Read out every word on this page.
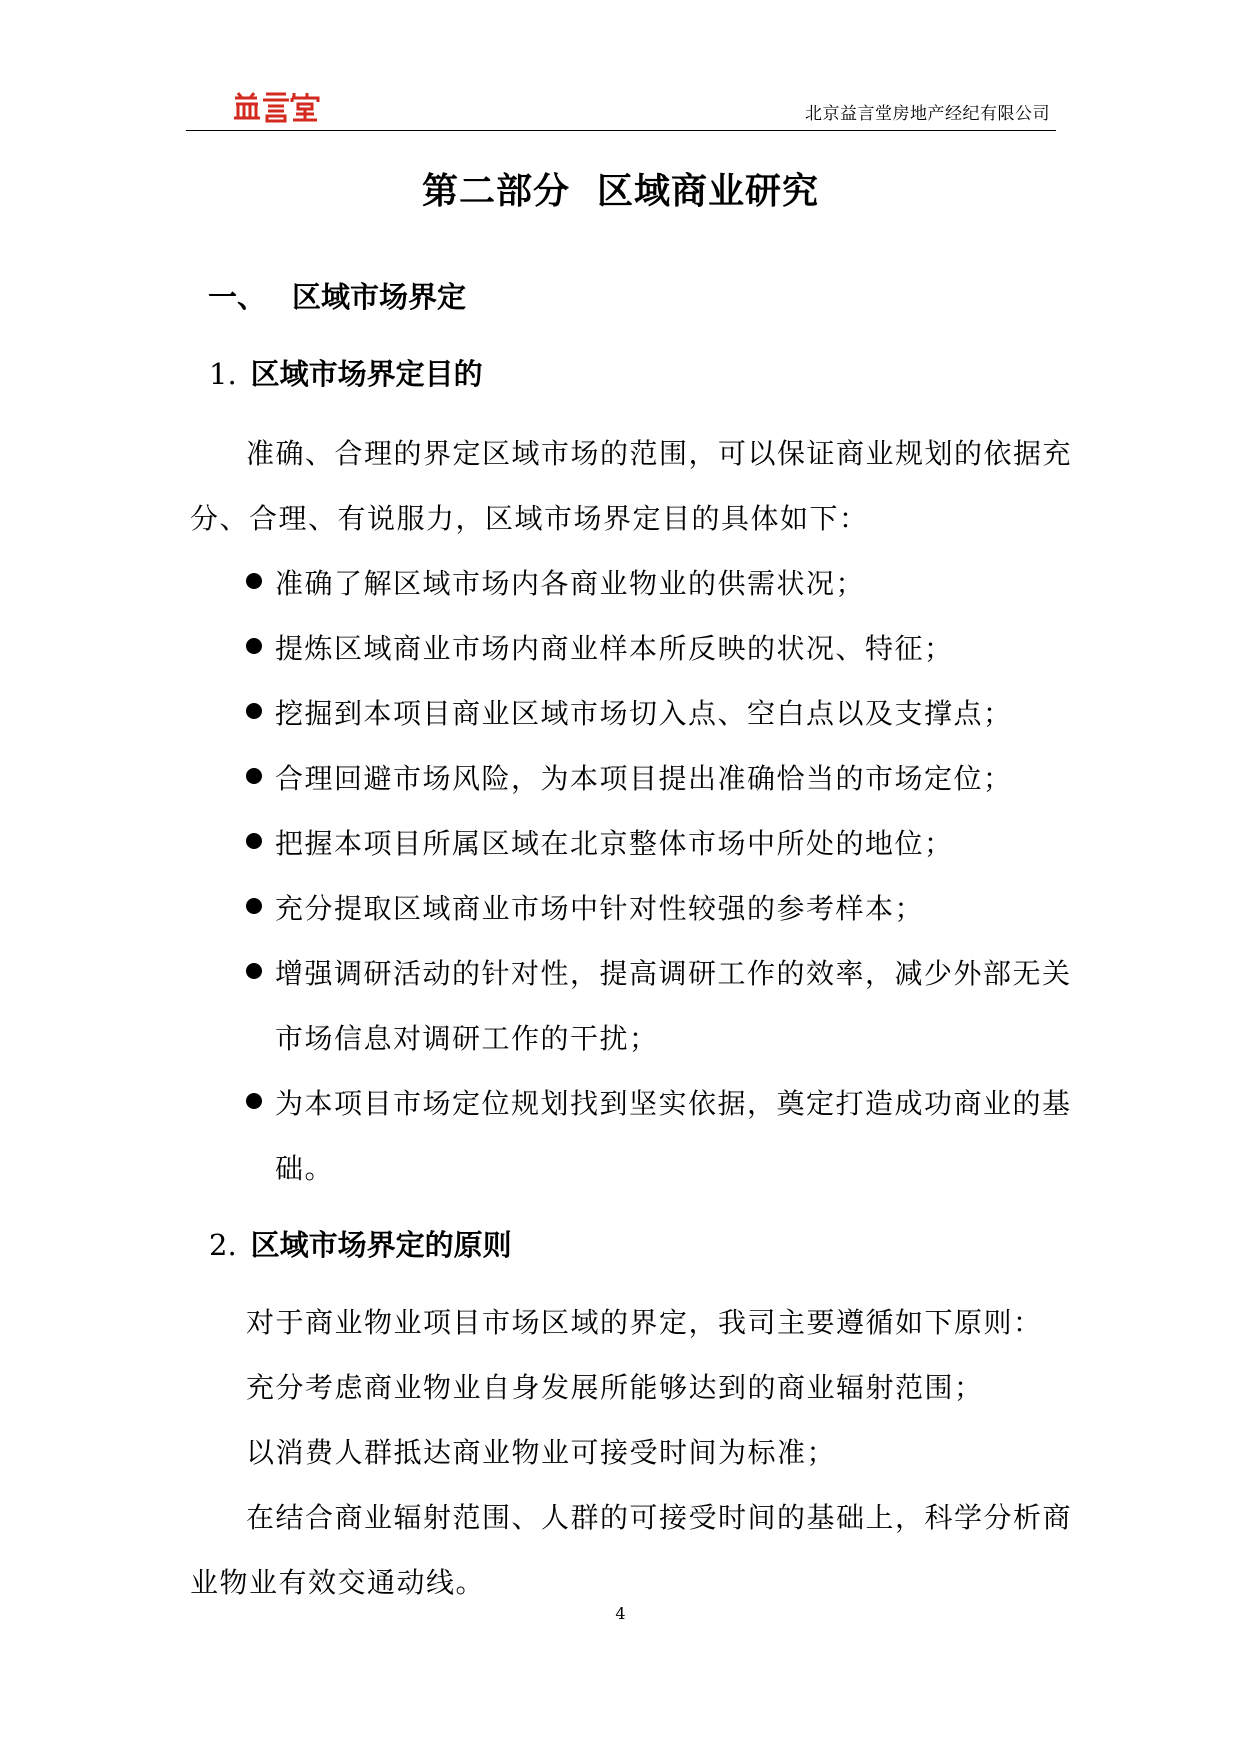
北京益言堂房地产经纪有限公司
第二部分  区域商业研究
一、 区域市场界定
1. 区域市场界定目的
准确、合理的界定区域市场的范围，可以保证商业规划的依据充
分、合理、有说服力，区域市场界定目的具体如下：
准确了解区域市场内各商业物业的供需状况；
提炼区域商业市场内商业样本所反映的状况、特征；
挖掘到本项目商业区域市场切入点、空白点以及支撑点；
合理回避市场风险，为本项目提出准确恰当的市场定位；
把握本项目所属区域在北京整体市场中所处的地位；
充分提取区域商业市场中针对性较强的参考样本；
增强调研活动的针对性，提高调研工作的效率，减少外部无关
市场信息对调研工作的干扰；
为本项目市场定位规划找到坚实依据，奠定打造成功商业的基
础。
2. 区域市场界定的原则
对于商业物业项目市场区域的界定，我司主要遵循如下原则：
充分考虑商业物业自身发展所能够达到的商业辐射范围；
以消费人群抵达商业物业可接受时间为标准；
在结合商业辐射范围、人群的可接受时间的基础上，科学分析商
业物业有效交通动线。
4
